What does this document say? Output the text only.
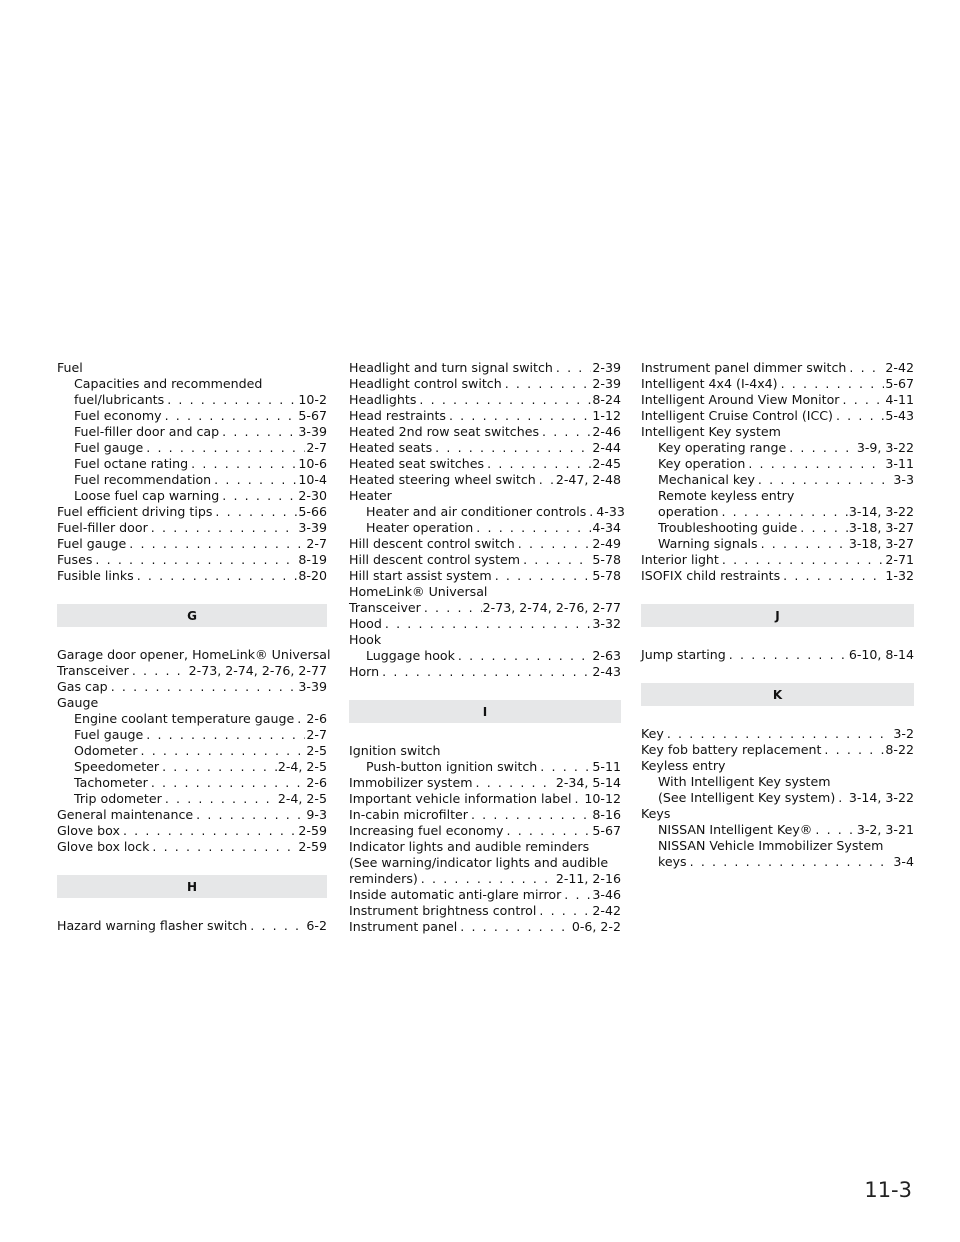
Fuel
Capacities and recommended
fuel/lubricants . . .	10-2
Fuel economy . . .	5-67
Fuel-filler door and cap . . .	3-39
Fuel gauge . . .	2-7
Fuel octane rating . . .	10-6
Fuel recommendation . . .	10-4
Loose fuel cap warning . . .	2-30
Fuel efficient driving tips . . .	5-66
Fuel-filler door . . .	3-39
Fuel gauge . . .	2-7
Fuses . . .	8-19
Fusible links . . .	8-20
G
Garage door opener, HomeLink® Universal
Transceiver . . .	2-73, 2-74, 2-76, 2-77
Gas cap . . .	3-39
Gauge
Engine coolant temperature gauge . . . 2-6
Fuel gauge . . .	2-7
Odometer . . .	2-5
Speedometer . . .	2-4, 2-5
Tachometer . . .	2-6
Trip odometer . . .	2-4, 2-5
General maintenance . . .	9-3
Glove box . . .	2-59
Glove box lock . . .	2-59
H
Hazard warning flasher switch . . .	6-2
Headlight and turn signal switch . . .	2-39
Headlight control switch . . .	2-39
Headlights . . .	8-24
Head restraints . . .	1-12
Heated 2nd row seat switches . . .	2-46
Heated seats . . .	2-44
Heated seat switches . . .	2-45
Heated steering wheel switch . . . 2-47, 2-48
Heater
Heater and air conditioner controls . . . 4-33
Heater operation . . .	4-34
Hill descent control switch . . .	2-49
Hill descent control system . . .	5-78
Hill start assist system . . .	5-78
HomeLink® Universal
Transceiver . . .	2-73, 2-74, 2-76, 2-77
Hood . . .	3-32
Hook
Luggage hook . . .	2-63
Horn . . .	2-43
I
Ignition switch
Push-button ignition switch . . .	5-11
Immobilizer system . . .	2-34, 5-14
Important vehicle information label . . . 10-12
In-cabin microfilter . . .	8-16
Increasing fuel economy . . .	5-67
Indicator lights and audible reminders
(See warning/indicator lights and audible
reminders) . . .	2-11, 2-16
Inside automatic anti-glare mirror . . . 3-46
Instrument brightness control . . .	2-42
Instrument panel . . .	0-6, 2-2
Instrument panel dimmer switch . . .	2-42
Intelligent 4x4 (I-4x4) . . .	5-67
Intelligent Around View Monitor . . .	4-11
Intelligent Cruise Control (ICC) . . .	5-43
Intelligent Key system
Key operating range . . .	3-9, 3-22
Key operation . . .	3-11
Mechanical key . . .	3-3
Remote keyless entry
operation . . .	3-14, 3-22
Troubleshooting guide . . .	3-18, 3-27
Warning signals . . .	3-18, 3-27
Interior light . . .	2-71
ISOFIX child restraints . . .	1-32
J
Jump starting . . .	6-10, 8-14
K
Key . . .	3-2
Key fob battery replacement . . .	8-22
Keyless entry
With Intelligent Key system
(See Intelligent Key system) . . . 3-14, 3-22
Keys
NISSAN Intelligent Key® . . .	3-2, 3-21
NISSAN Vehicle Immobilizer System
keys . . .	3-4
11-3
